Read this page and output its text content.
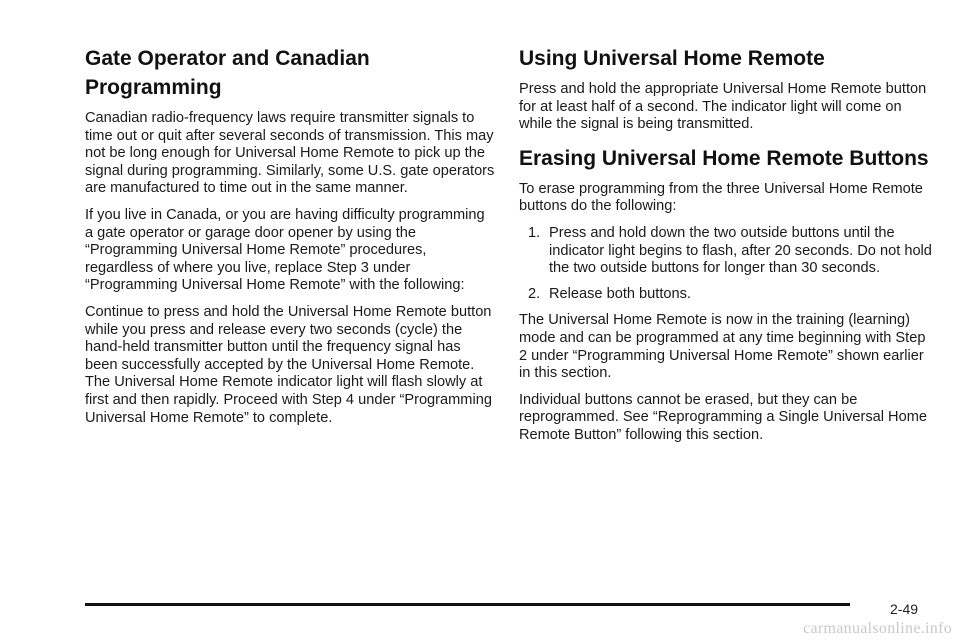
Gate Operator and Canadian Programming

Canadian radio-frequency laws require transmitter signals to time out or quit after several seconds of transmission. This may not be long enough for Universal Home Remote to pick up the signal during programming. Similarly, some U.S. gate operators are manufactured to time out in the same manner.

If you live in Canada, or you are having difficulty programming a gate operator or garage door opener by using the “Programming Universal Home Remote” procedures, regardless of where you live, replace Step 3 under “Programming Universal Home Remote” with the following:

Continue to press and hold the Universal Home Remote button while you press and release every two seconds (cycle) the hand-held transmitter button until the frequency signal has been successfully accepted by the Universal Home Remote. The Universal Home Remote indicator light will flash slowly at first and then rapidly. Proceed with Step 4 under “Programming Universal Home Remote” to complete.

Using Universal Home Remote

Press and hold the appropriate Universal Home Remote button for at least half of a second. The indicator light will come on while the signal is being transmitted.

Erasing Universal Home Remote Buttons

To erase programming from the three Universal Home Remote buttons do the following:

1. Press and hold down the two outside buttons until the indicator light begins to flash, after 20 seconds. Do not hold the two outside buttons for longer than 30 seconds.
2. Release both buttons.

The Universal Home Remote is now in the training (learning) mode and can be programmed at any time beginning with Step 2 under “Programming Universal Home Remote” shown earlier in this section.

Individual buttons cannot be erased, but they can be reprogrammed. See “Reprogramming a Single Universal Home Remote Button” following this section.

2-49
carmanualsonline.info
